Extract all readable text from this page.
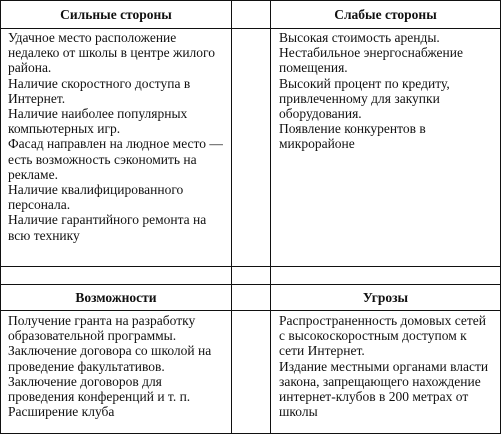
Сильные стороны	Слабые стороны
Возможности	Угрозы

Удачное место расположение недалеко от школы в центре жилого района.

Наличие скоростного доступа в Интернет.

Наличие наиболее популярных компьютерных игр.

Фасад направлен на людное место — есть возможность сэкономить на рекламе.

Наличие квалифицированного персонала.

Наличие гарантийного ремонта на всю технику

Высокая стоимость аренды.

Нестабильное энергоснабжение помещения.

Высокий процент по кредиту, привлеченному для закупки оборудования.

Появление конкурентов в микрорайоне

Получение гранта на разработку образовательной программы.

Заключение договора со школой на проведение факультативов.

Заключение договоров для проведения конференций и т. п.

Расширение клуба

Распространенность домовых сетей с высокоскоростным доступом к сети Интернет.

Издание местными органами власти закона, запрещающего нахождение интернет-клубов в 200 метрах от школы
